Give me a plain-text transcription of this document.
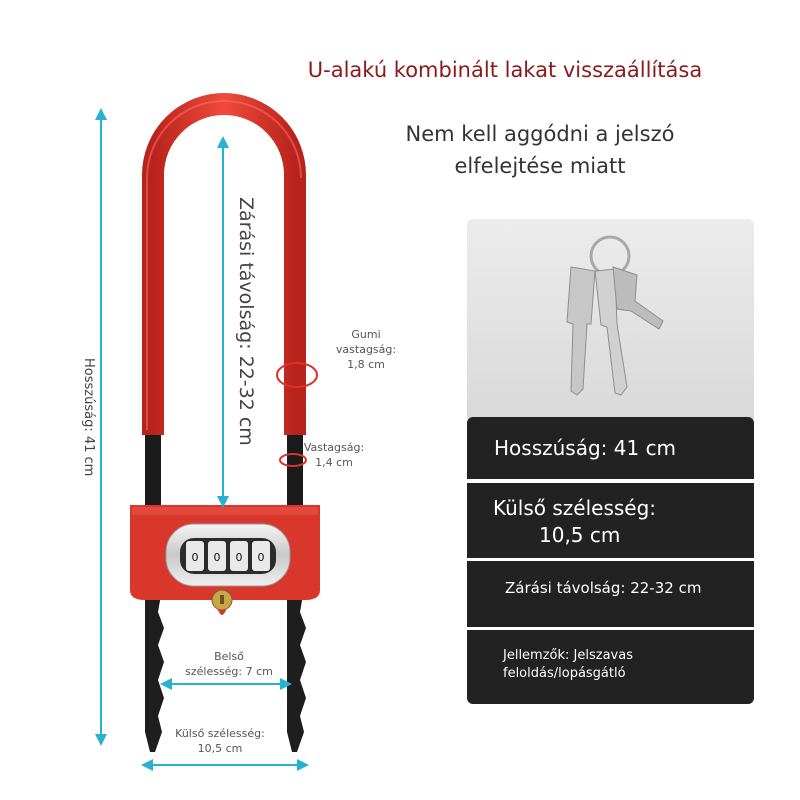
U-alakú kombinált lakat visszaállítása
Nem kell aggódni a jelszó
elfelejtése miatt
0 0 0 0
Hosszúság: 41 cm	Zárási távolság: 22-32 cm	Gumi
vastagság:
1,8 cm
Vastagság:
1,4 cm
Belső
szélesség: 7 cm
Külső szélesség:
10,5 cm
Hosszúság: 41 cm
Külső szélesség:
10,5 cm
Zárási távolság: 22-32 cm
Jellemzők: Jelszavas
feloldás/lopásgátló
